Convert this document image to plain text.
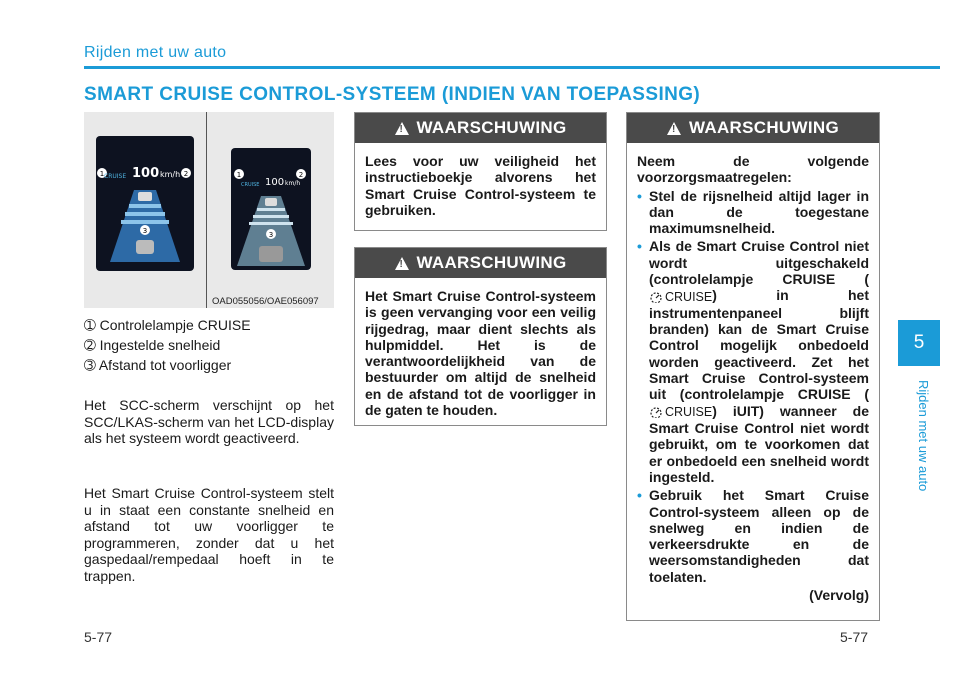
Rijden met uw auto
SMART CRUISE CONTROL-SYSTEEM (INDIEN VAN TOEPASSING)
1	2
CRUISE 100 km/h
3
1	2
CRUISE 100 km/h
3
OAD055056/OAE056097
➀ Controlelampje CRUISE
➁ Ingestelde snelheid
➂ Afstand tot voorligger
Het SCC-scherm verschijnt op het SCC/LKAS-scherm van het LCD-display als het systeem wordt geactiveerd.
Het Smart Cruise Control-systeem stelt u in staat een constante snelheid en afstand tot uw voorligger te programmeren, zonder dat u het gaspedaal/rempedaal hoeft in te trappen.
! WAARSCHUWING
Lees voor uw veiligheid het instructieboekje alvorens het Smart Cruise Control-systeem te gebruiken.
! WAARSCHUWING
Het Smart Cruise Control-systeem is geen vervanging voor een veilig rijgedrag, maar dient slechts als hulpmiddel. Het is de verantwoordelijkheid van de bestuurder om altijd de snelheid en de afstand tot de voorligger in de gaten te houden.
! WAARSCHUWING
Neem de volgende voorzorgsmaatregelen:
• Stel de rijsnelheid altijd lager in dan de toegestane maximumsnelheid.
• Als de Smart Cruise Control niet wordt uitgeschakeld (controlelampje CRUISE (
CRUISE ) in het instrumentenpaneel blijft branden) kan de Smart Cruise Control mogelijk onbedoeld worden geactiveerd. Zet het Smart Cruise Control-systeem uit (controlelampje CRUISE (
CRUISE ) iUIT) wanneer de Smart Cruise Control niet wordt gebruikt, om te voorkomen dat er onbedoeld een snelheid wordt ingesteld.
• Gebruik het Smart Cruise Control-systeem alleen op de snelweg en indien de verkeersdrukte en de weersomstandigheden dat toelaten.
(Vervolg)
5
Rijden met uw auto
5-77	5-77
